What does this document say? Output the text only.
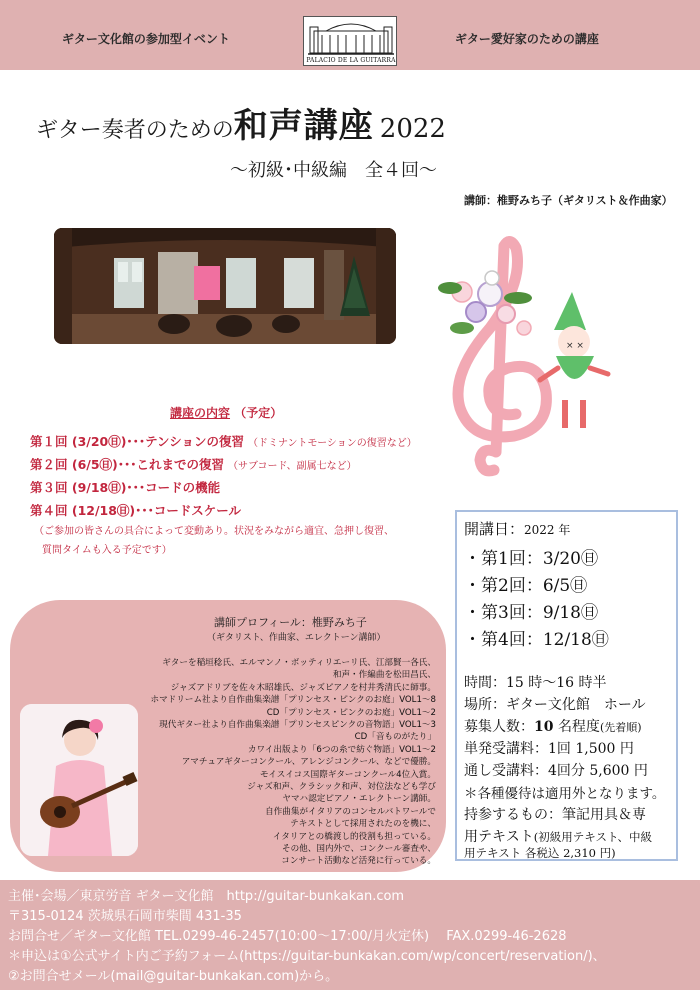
ギター文化館の参加型イベント	ギター愛好家のための講座
PALACIO DE LA GUITARRA
ギター奏者のための和声講座 2022
〜初級･中級編　全４回〜
講師：椎野みち子（ギタリスト＆作曲家）
× ×
講座の内容 （予定）
第１回 (3/20㊐)･･･テンションの復習 （ドミナントモーションの復習など）
第２回 (6/5㊐)･･･これまでの復習 （サブコード、副属七など）
第３回 (9/18㊐)･･･コードの機能
第４回 (12/18㊐)･･･コードスケール
（ご参加の皆さんの具合によって変動あり。状況をみながら適宜、急押し復習、
質問タイムも入る予定です）
開講日：2022 年
・第1回：3/20㊐
・第2回：6/5㊐
・第3回：9/18㊐
・第4回：12/18㊐
時間：15 時〜16 時半
場所：ギター文化館　ホール
募集人数：10 名程度(先着順)
単発受講料：1回 1,500 円
通し受講料：4回分 5,600 円
＊各種優待は適用外となります。
持参するもの：筆記用具＆専
用テキスト(初級用テキスト、中級
用テキスト 各税込 2,310 円)
講師プロフィール：椎野みち子
（ギタリスト、作曲家、エレクトーン講師）
主催･会場／東京労音 ギター文化館　http://guitar-bunkakan.com
〒315-0124 茨城県石岡市柴間 431-35
お問合せ／ギター文化館 TEL.0299-46-2457(10:00〜17:00/月火定休)　 FAX.0299-46-2628
＊申込は①公式サイト内ご予約フォーム(https://guitar-bunkakan.com/wp/concert/reservation/)、
②お問合せメール(mail@guitar-bunkakan.com)から。
ギターを稲垣稔氏、エルマンノ・ボッティリエーリ氏、江部賢一各氏、
和声・作編曲を松田昌氏、
ジャズアドリブを佐々木昭雄氏、ジャズピアノを村井秀清氏に師事。
ホマドリーム社より自作曲集楽譜「プリンセス・ピンクのお庭」VOL1〜8
CD「プリンセス・ピンクのお庭」VOL1〜2
現代ギター社より自作曲集楽譜「プリンセスピンクの音物語」VOL1〜3
CD「音ものがたり」
カワイ出版より「6つの糸で紡ぐ物語」VOL1〜2
アマチュアギターコンクール、アレンジコンクール、などで優勝。
モイスイコス国際ギターコンクール4位入賞。
ジャズ和声、クラシック和声、対位法なども学び
ヤマハ認定ピアノ・エレクトーン講師。
自作曲集がイタリアのコンセルバトワールで
テキストとして採用されたのを機に、
イタリアとの橋渡し的役割も担っている。
その他、国内外で、コンクール審査や、
コンサート活動など活発に行っている。
